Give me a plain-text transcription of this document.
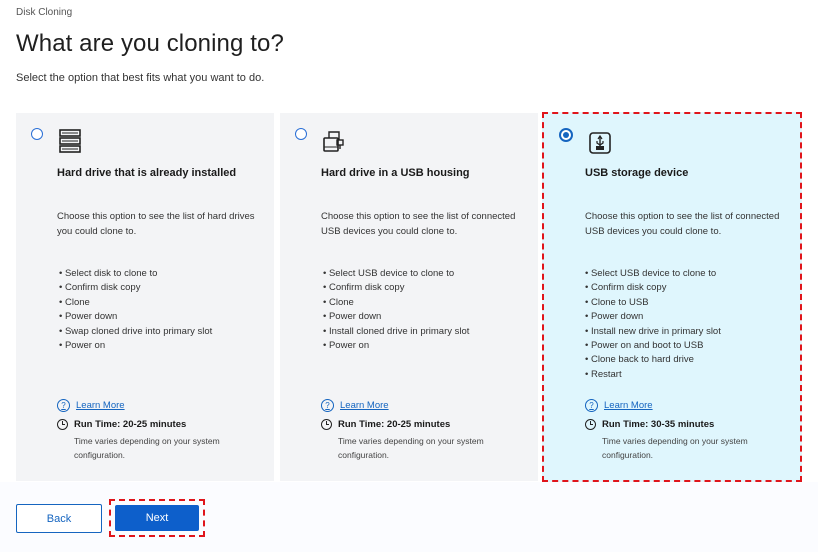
Disk Cloning
What are you cloning to?

Select the option that best fits what you want to do.

Hard drive that is already installed

Choose this option to see the list of hard drives you could clone to.

• Select disk to clone to
• Confirm disk copy
• Clone
• Power down
• Swap cloned drive into primary slot
• Power on
?	Learn More
Run Time: 20-25 minutes

Time varies depending on your system configuration.

Hard drive in a USB housing

Choose this option to see the list of connected USB devices you could clone to.

• Select USB device to clone to
• Confirm disk copy
• Clone
• Power down
• Install cloned drive in primary slot
• Power on
?	Learn More
Run Time: 20-25 minutes

Time varies depending on your system configuration.

USB storage device

Choose this option to see the list of connected USB devices you could clone to.

• Select USB device to clone to
• Confirm disk copy
• Clone to USB
• Power down
• Install new drive in primary slot
• Power on and boot to USB
• Clone back to hard drive
• Restart
?	Learn More
Run Time: 30-35 minutes

Time varies depending on your system configuration.

Back	Next
